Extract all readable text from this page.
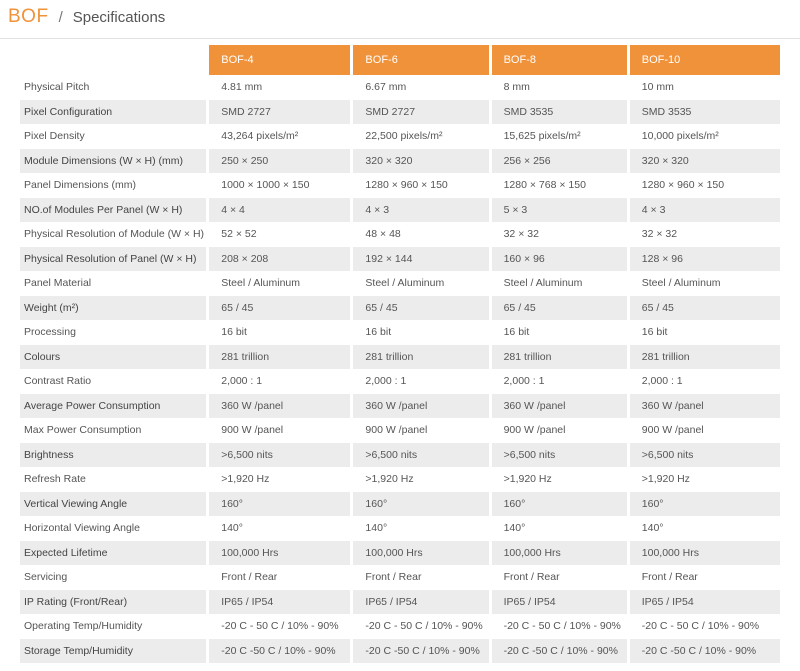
BOF / Specifications
	BOF-4	BOF-6	BOF-8	BOF-10
Physical Pitch	4.81 mm	6.67 mm	8 mm	10 mm
Pixel Configuration	SMD 2727	SMD 2727	SMD 3535	SMD 3535
Pixel Density	43,264 pixels/m²	22,500 pixels/m²	15,625 pixels/m²	10,000 pixels/m²
Module Dimensions (W × H) (mm)	250 × 250	320 × 320	256 × 256	320 × 320
Panel Dimensions (mm)	1000 × 1000 × 150	1280 × 960 × 150	1280 × 768 × 150	1280 × 960 × 150
NO.of Modules Per Panel (W × H)	4 × 4	4 × 3	5 × 3	4 × 3
Physical Resolution of Module (W × H)	52 × 52	48 × 48	32 × 32	32 × 32
Physical Resolution of Panel (W × H)	208 × 208	192 × 144	160 × 96	128 × 96
Panel Material	Steel / Aluminum	Steel / Aluminum	Steel / Aluminum	Steel / Aluminum
Weight (m²)	65 / 45	65 / 45	65 / 45	65 / 45
Processing	16 bit	16 bit	16 bit	16 bit
Colours	281 trillion	281 trillion	281 trillion	281 trillion
Contrast Ratio	2,000 : 1	2,000 : 1	2,000 : 1	2,000 : 1
Average Power Consumption	360 W /panel	360 W /panel	360 W /panel	360 W /panel
Max Power Consumption	900 W /panel	900 W /panel	900 W /panel	900 W /panel
Brightness	>6,500 nits	>6,500 nits	>6,500 nits	>6,500 nits
Refresh Rate	>1,920 Hz	>1,920 Hz	>1,920 Hz	>1,920 Hz
Vertical Viewing Angle	160°	160°	160°	160°
Horizontal Viewing Angle	140°	140°	140°	140°
Expected Lifetime	100,000 Hrs	100,000 Hrs	100,000 Hrs	100,000 Hrs
Servicing	Front / Rear	Front / Rear	Front / Rear	Front / Rear
IP Rating (Front/Rear)	IP65 / IP54	IP65 / IP54	IP65 / IP54	IP65 / IP54
Operating Temp/Humidity	-20 C - 50 C / 10% - 90%	-20 C - 50 C / 10% - 90%	-20 C - 50 C / 10% - 90%	-20 C - 50 C / 10% - 90%
Storage Temp/Humidity	-20 C -50 C / 10% - 90%	-20 C -50 C / 10% - 90%	-20 C -50 C / 10% - 90%	-20 C -50 C / 10% - 90%
